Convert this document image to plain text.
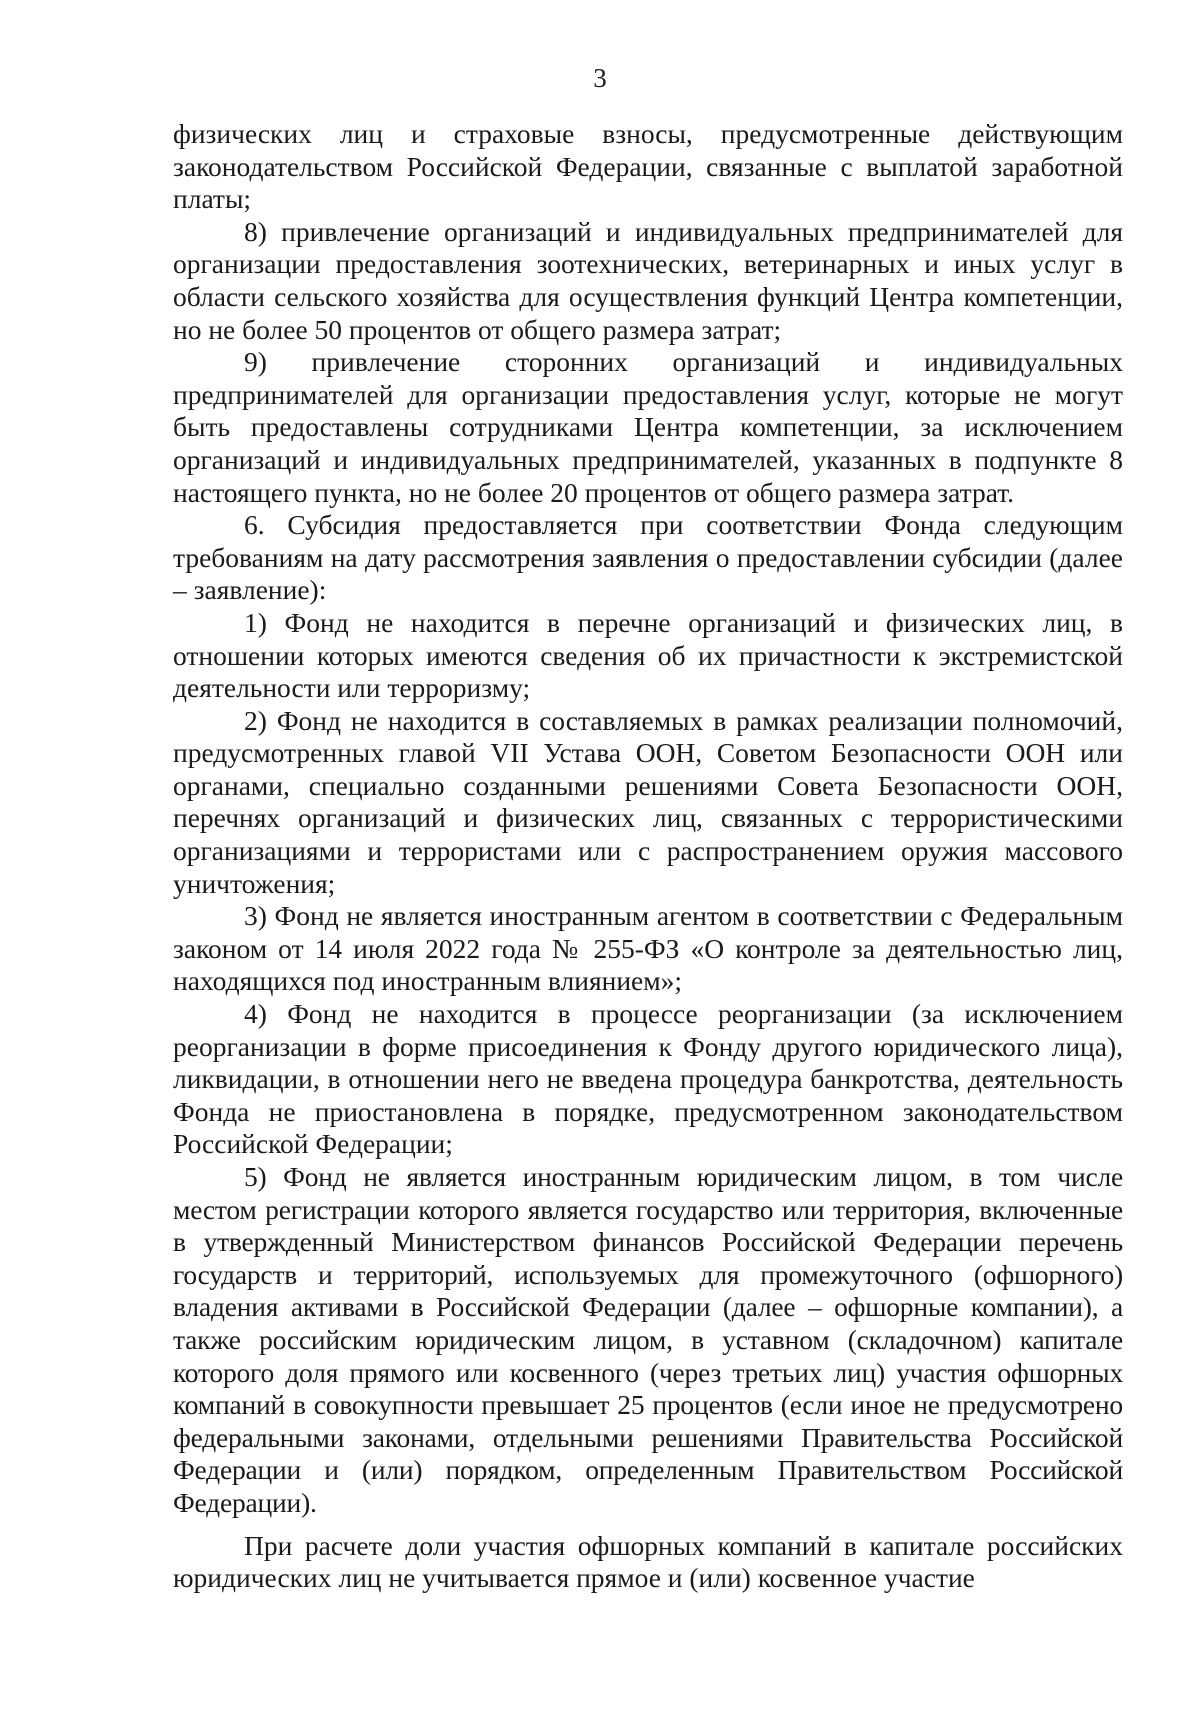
3

физических лиц и страховые взносы, предусмотренные действующим законодательством Российской Федерации, связанные с выплатой заработной платы;

8) привлечение организаций и индивидуальных предпринимателей для организации предоставления зоотехнических, ветеринарных и иных услуг в области сельского хозяйства для осуществления функций Центра компетенции, но не более 50 процентов от общего размера затрат;

9) привлечение сторонних организаций и индивидуальных предпринимателей для организации предоставления услуг, которые не могут быть предоставлены сотрудниками Центра компетенции, за исключением организаций и индивидуальных предпринимателей, указанных в подпункте 8 настоящего пункта, но не более 20 процентов от общего размера затрат.

6. Субсидия предоставляется при соответствии Фонда следующим требованиям на дату рассмотрения заявления о предоставлении субсидии (далее – заявление):

1) Фонд не находится в перечне организаций и физических лиц, в отношении которых имеются сведения об их причастности к экстремистской деятельности или терроризму;

2) Фонд не находится в составляемых в рамках реализации полномочий, предусмотренных главой VII Устава ООН, Советом Безопасности ООН или органами, специально созданными решениями Совета Безопасности ООН, перечнях организаций и физических лиц, связанных с террористическими организациями и террористами или с распространением оружия массового уничтожения;

3) Фонд не является иностранным агентом в соответствии с Федеральным законом от 14 июля 2022 года № 255-ФЗ «О контроле за деятельностью лиц, находящихся под иностранным влиянием»;

4) Фонд не находится в процессе реорганизации (за исключением реорганизации в форме присоединения к Фонду другого юридического лица), ликвидации, в отношении него не введена процедура банкротства, деятельность Фонда не приостановлена в порядке, предусмотренном законодательством Российской Федерации;

5) Фонд не является иностранным юридическим лицом, в том числе местом регистрации которого является государство или территория, включенные в утвержденный Министерством финансов Российской Федерации перечень государств и территорий, используемых для промежуточного (офшорного) владения активами в Российской Федерации (далее – офшорные компании), а также российским юридическим лицом, в уставном (складочном) капитале которого доля прямого или косвенного (через третьих лиц) участия офшорных компаний в совокупности превышает 25 процентов (если иное не предусмотрено федеральными законами, отдельными решениями Правительства Российской Федерации и (или) порядком, определенным Правительством Российской Федерации).

При расчете доли участия офшорных компаний в капитале российских юридических лиц не учитывается прямое и (или) косвенное участие
